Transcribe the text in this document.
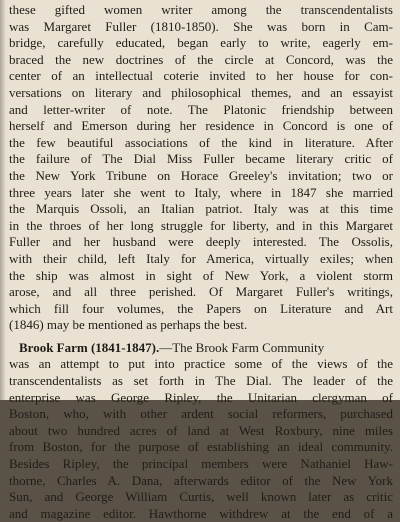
these gifted women writer among the transcendentalists
was Margaret Fuller (1810-1850). She was born in Cam-
bridge, carefully educated, began early to write, eagerly em-
braced the new doctrines of the circle at Concord, was the
center of an intellectual coterie invited to her house for con-
versations on literary and philosophical themes, and an essayist
and letter-writer of note. The Platonic friendship between
herself and Emerson during her residence in Concord is one of
the few beautiful associations of the kind in literature. After
the failure of The Dial Miss Fuller became literary critic of
the New York Tribune on Horace Greeley's invitation; two or
three years later she went to Italy, where in 1847 she married
the Marquis Ossoli, an Italian patriot. Italy was at this time
in the throes of her long struggle for liberty, and in this Margaret
Fuller and her husband were deeply interested. The Ossolis,
with their child, left Italy for America, virtually exiles; when
the ship was almost in sight of New York, a violent storm
arose, and all three perished. Of Margaret Fuller's writings,
which fill four volumes, the Papers on Literature and Art
(1846) may be mentioned as perhaps the best.
Brook Farm (1841-1847).—The Brook Farm Community
was an attempt to put into practice some of the views of the
transcendentalists as set forth in The Dial. The leader of the
enterprise was George Ripley, the Unitarian clergyman of
Boston, who, with other ardent social reformers, purchased
about two hundred acres of land at West Roxbury, nine miles
from Boston, for the purpose of establishing an ideal community.
Besides Ripley, the principal members were Nathaniel Haw-
thorne, Charles A. Dana, afterwards editor of the New York
Sun, and George William Curtis, well known later as critic
and magazine editor. Hawthorne withdrew at the end of a
